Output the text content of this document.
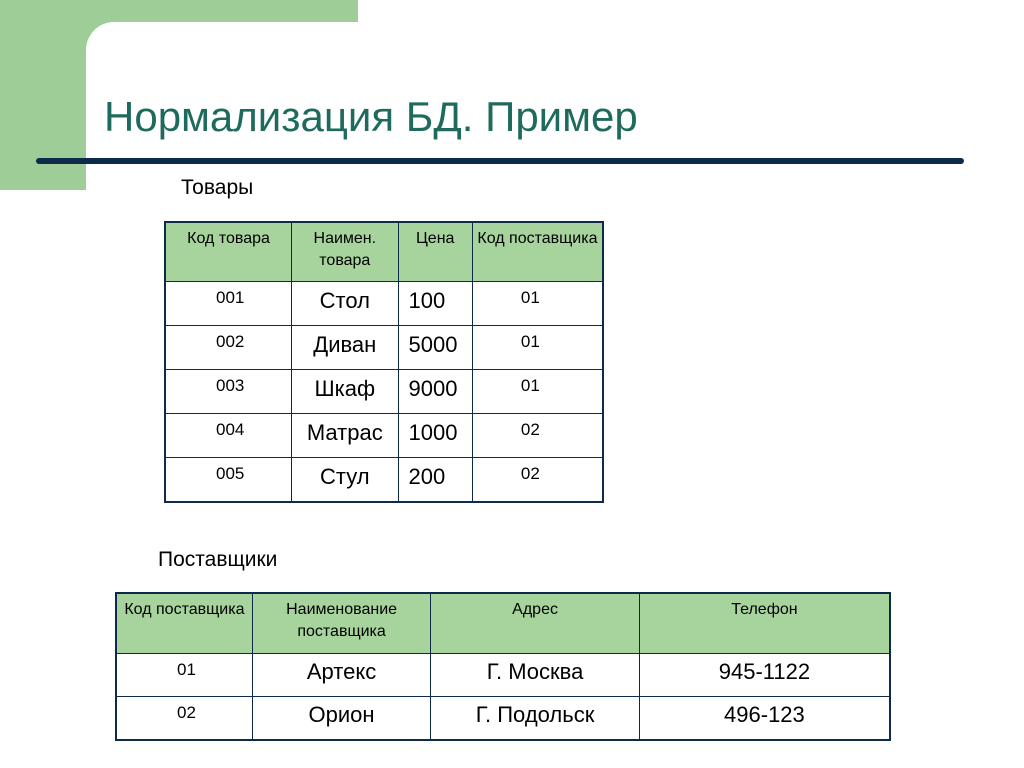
Нормализация БД. Пример
Товары
Код товара	Наимен. товара	Цена	Код поставщика
001	Стол	100	01
002	Диван	5000	01
003	Шкаф	9000	01
004	Матрас	1000	02
005	Стул	200	02
Поставщики
Код поставщика	Наименование поставщика	Адрес	Телефон
01	Артекс	Г. Москва	945-1122
02	Орион	Г. Подольск	496-123
